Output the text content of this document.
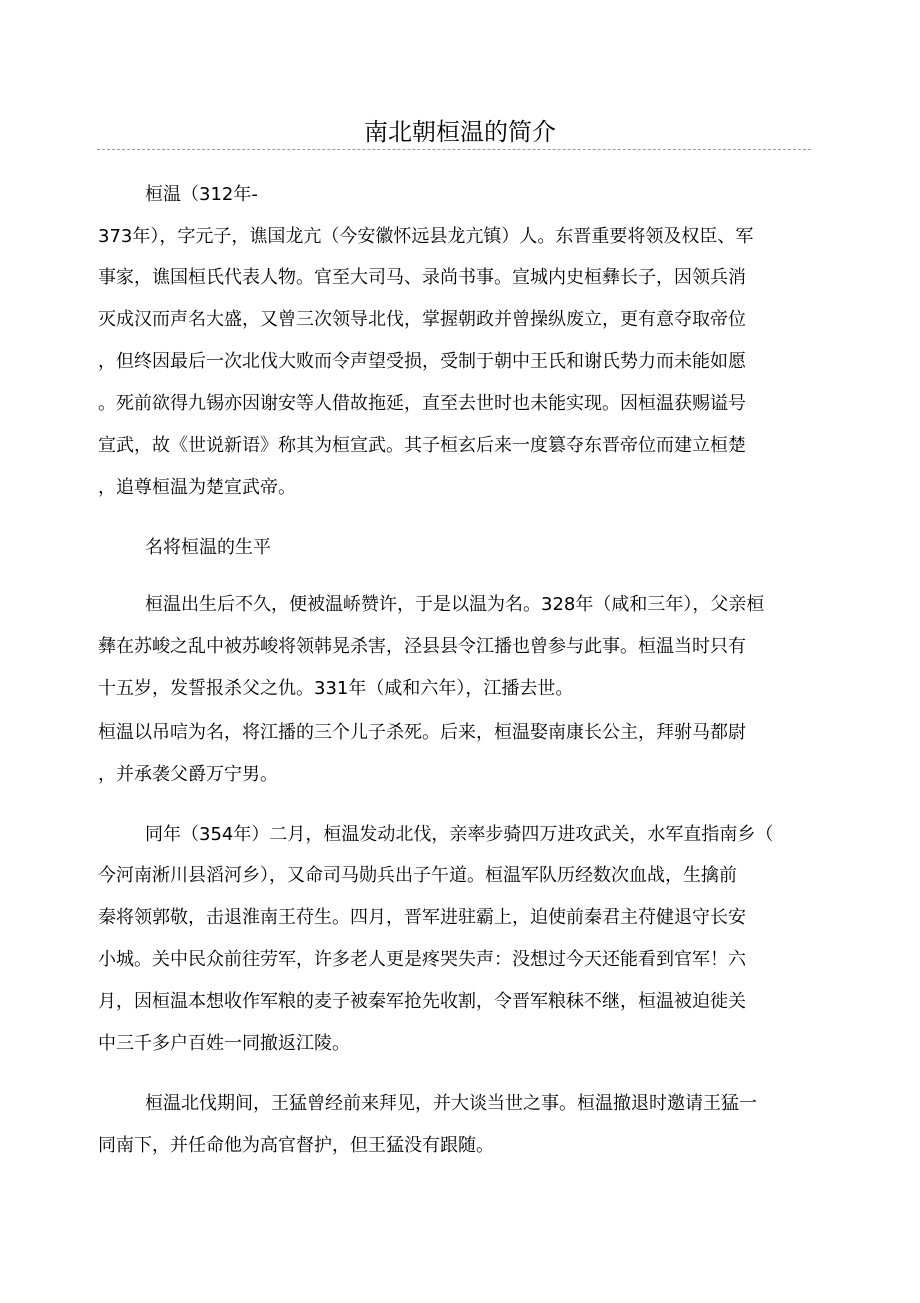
南北朝桓温的简介
桓温（312年-
373年），字元子，谯国龙亢（今安徽怀远县龙亢镇）人。东晋重要将领及权臣、军
事家，谯国桓氏代表人物。官至大司马、录尚书事。宣城内史桓彝长子，因领兵消
灭成汉而声名大盛，又曾三次领导北伐，掌握朝政并曾操纵废立，更有意夺取帝位
，但终因最后一次北伐大败而令声望受损，受制于朝中王氏和谢氏势力而未能如愿
。死前欲得九锡亦因谢安等人借故拖延，直至去世时也未能实现。因桓温获赐谥号
宣武，故《世说新语》称其为桓宣武。其子桓玄后来一度篡夺东晋帝位而建立桓楚
，追尊桓温为楚宣武帝。
名将桓温的生平
桓温出生后不久，便被温峤赞许，于是以温为名。328年（咸和三年），父亲桓
彝在苏峻之乱中被苏峻将领韩晃杀害，泾县县令江播也曾参与此事。桓温当时只有
十五岁，发誓报杀父之仇。331年（咸和六年），江播去世。
桓温以吊唁为名，将江播的三个儿子杀死。后来，桓温娶南康长公主，拜驸马都尉
，并承袭父爵万宁男。
同年（354年）二月，桓温发动北伐，亲率步骑四万进攻武关，水军直指南乡（
今河南淅川县滔河乡），又命司马勋兵出子午道。桓温军队历经数次血战，生擒前
秦将领郭敬，击退淮南王苻生。四月，晋军进驻霸上，迫使前秦君主苻健退守长安
小城。关中民众前往劳军，许多老人更是疼哭失声：没想过今天还能看到官军！六
月，因桓温本想收作军粮的麦子被秦军抢先收割，令晋军粮秣不继，桓温被迫徙关
中三千多户百姓一同撤返江陵。
桓温北伐期间，王猛曾经前来拜见，并大谈当世之事。桓温撤退时邀请王猛一
同南下，并任命他为高官督护，但王猛没有跟随。
